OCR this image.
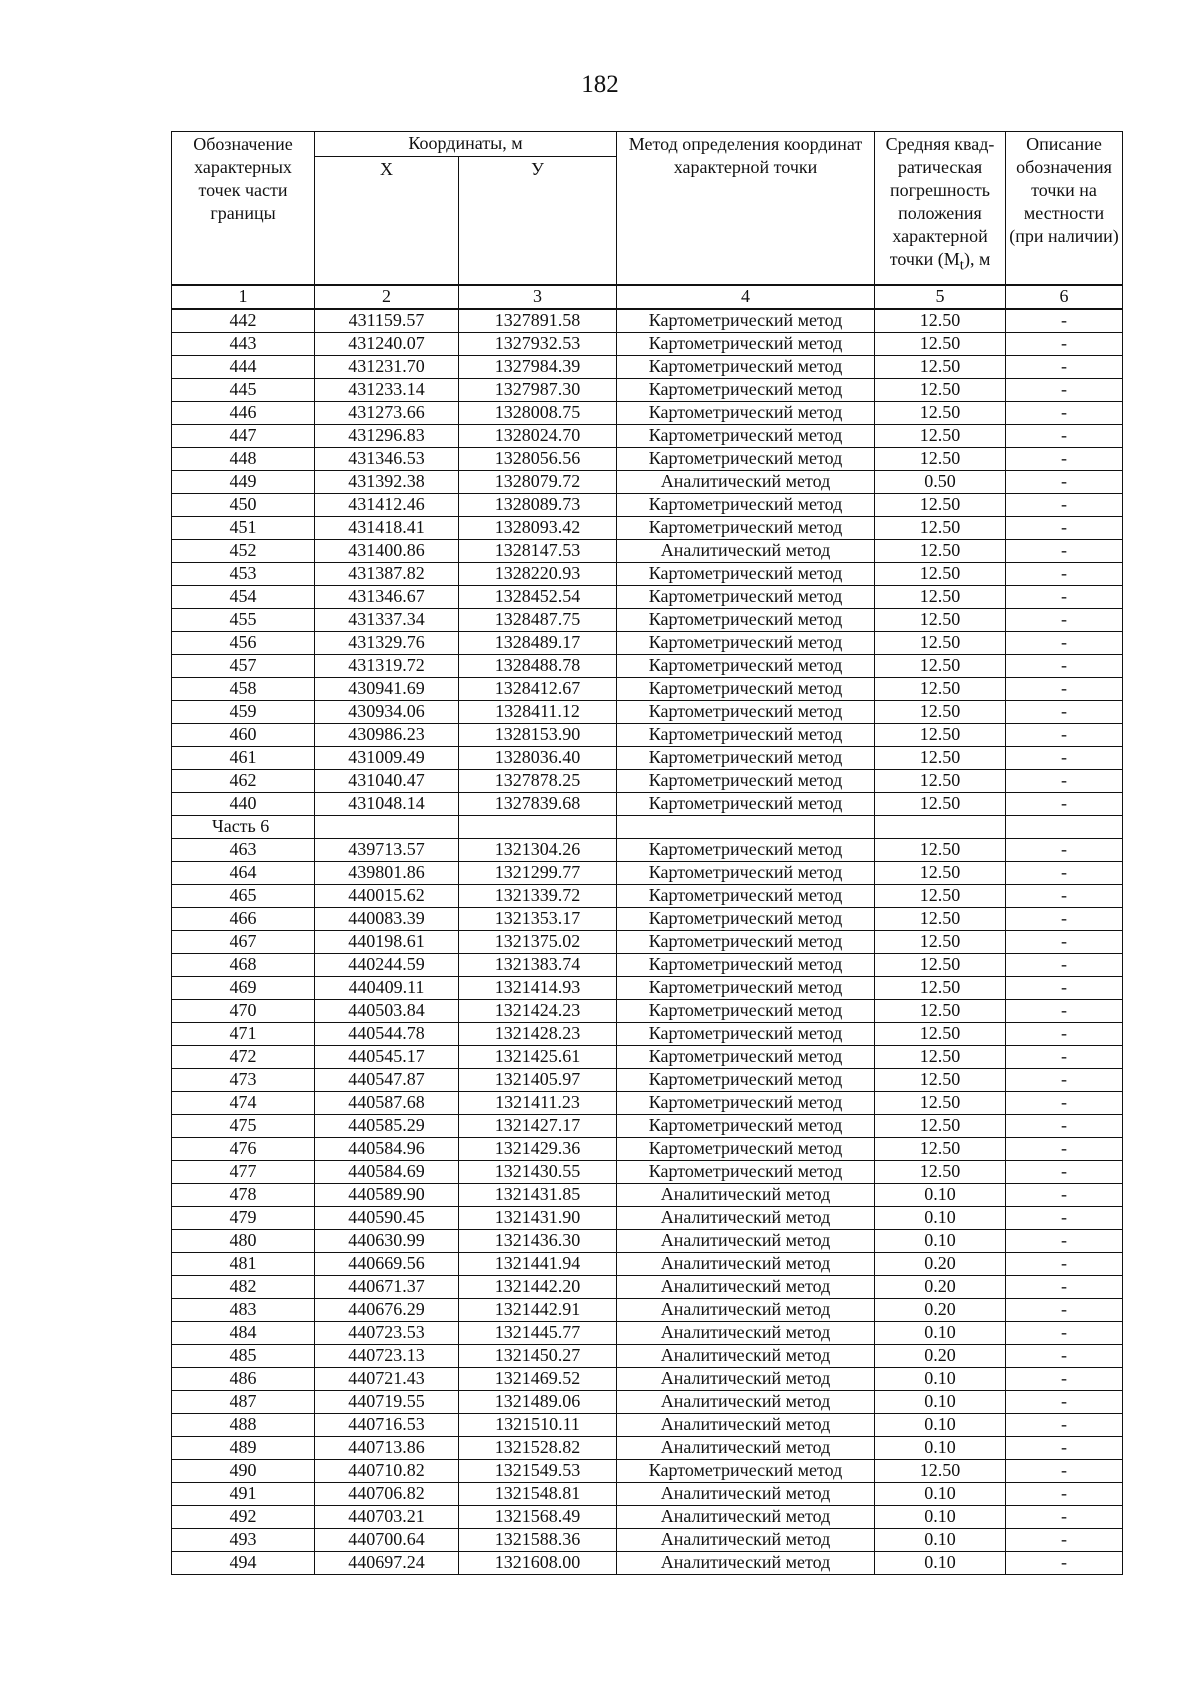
182
Обозначение характерных точек части границы	Координаты, м		Метод определения координат характерной точки	Средняя квадратическая погрешность положения характерной точки $(М_t)$, м	Описание обозначения точки на местности (при наличии)
	Х	У			
1	2	3	4	5	6
442	431159.57	1327891.58	Картометрический метод	12.50	-
443	431240.07	1327932.53	Картометрический метод	12.50	-
444	431231.70	1327984.39	Картометрический метод	12.50	-
445	431233.14	1327987.30	Картометрический метод	12.50	-
446	431273.66	1328008.75	Картометрический метод	12.50	-
447	431296.83	1328024.70	Картометрический метод	12.50	-
448	431346.53	1328056.56	Картометрический метод	12.50	-
449	431392.38	1328079.72	Аналитический метод	0.50	-
450	431412.46	1328089.73	Картометрический метод	12.50	-
451	431418.41	1328093.42	Картометрический метод	12.50	-
452	431400.86	1328147.53	Аналитический метод	12.50	-
453	431387.82	1328220.93	Картометрический метод	12.50	-
454	431346.67	1328452.54	Картометрический метод	12.50	-
455	431337.34	1328487.75	Картометрический метод	12.50	-
456	431329.76	1328489.17	Картометрический метод	12.50	-
457	431319.72	1328488.78	Картометрический метод	12.50	-
458	430941.69	1328412.67	Картометрический метод	12.50	-
459	430934.06	1328411.12	Картометрический метод	12.50	-
460	430986.23	1328153.90	Картометрический метод	12.50	-
461	431009.49	1328036.40	Картометрический метод	12.50	-
462	431040.47	1327878.25	Картометрический метод	12.50	-
440	431048.14	1327839.68	Картометрический метод	12.50	-
Часть 6					
463	439713.57	1321304.26	Картометрический метод	12.50	-
464	439801.86	1321299.77	Картометрический метод	12.50	-
465	440015.62	1321339.72	Картометрический метод	12.50	-
466	440083.39	1321353.17	Картометрический метод	12.50	-
467	440198.61	1321375.02	Картометрический метод	12.50	-
468	440244.59	1321383.74	Картометрический метод	12.50	-
469	440409.11	1321414.93	Картометрический метод	12.50	-
470	440503.84	1321424.23	Картометрический метод	12.50	-
471	440544.78	1321428.23	Картометрический метод	12.50	-
472	440545.17	1321425.61	Картометрический метод	12.50	-
473	440547.87	1321405.97	Картометрический метод	12.50	-
474	440587.68	1321411.23	Картометрический метод	12.50	-
475	440585.29	1321427.17	Картометрический метод	12.50	-
476	440584.96	1321429.36	Картометрический метод	12.50	-
477	440584.69	1321430.55	Картометрический метод	12.50	-
478	440589.90	1321431.85	Аналитический метод	0.10	-
479	440590.45	1321431.90	Аналитический метод	0.10	-
480	440630.99	1321436.30	Аналитический метод	0.10	-
481	440669.56	1321441.94	Аналитический метод	0.20	-
482	440671.37	1321442.20	Аналитический метод	0.20	-
483	440676.29	1321442.91	Аналитический метод	0.20	-
484	440723.53	1321445.77	Аналитический метод	0.10	-
485	440723.13	1321450.27	Аналитический метод	0.20	-
486	440721.43	1321469.52	Аналитический метод	0.10	-
487	440719.55	1321489.06	Аналитический метод	0.10	-
488	440716.53	1321510.11	Аналитический метод	0.10	-
489	440713.86	1321528.82	Аналитический метод	0.10	-
490	440710.82	1321549.53	Картометрический метод	12.50	-
491	440706.82	1321548.81	Аналитический метод	0.10	-
492	440703.21	1321568.49	Аналитический метод	0.10	-
493	440700.64	1321588.36	Аналитический метод	0.10	-
494	440697.24	1321608.00	Аналитический метод	0.10	-
